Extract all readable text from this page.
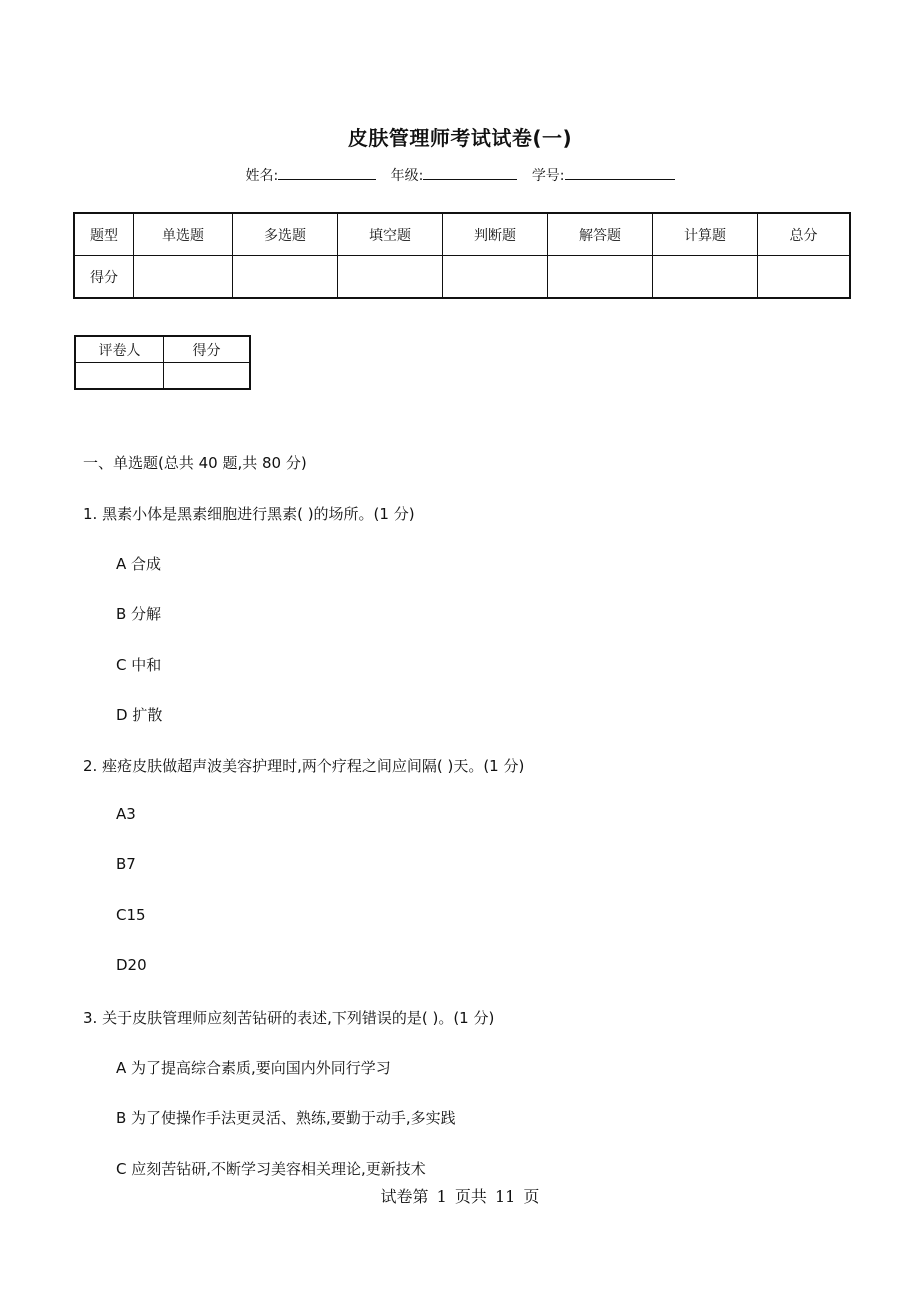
皮肤管理师考试试卷(一)
姓名:	年级:	学号:
题型	单选题	多选题	填空题	判断题	解答题	计算题	总分
得分							
评卷人	得分

一、单选题(总共 40 题,共 80 分)
1. 黑素小体是黑素细胞进行黑素( )的场所。(1 分)
A 合成
B 分解
C 中和
D 扩散
2. 痤疮皮肤做超声波美容护理时,两个疗程之间应间隔( )天。(1 分)
A3
B7
C15
D20
3. 关于皮肤管理师应刻苦钻研的表述,下列错误的是( )。(1 分)
A 为了提高综合素质,要向国内外同行学习
B 为了使操作手法更灵活、熟练,要勤于动手,多实践
C 应刻苦钻研,不断学习美容相关理论,更新技术
试卷第 1 页共 11 页
